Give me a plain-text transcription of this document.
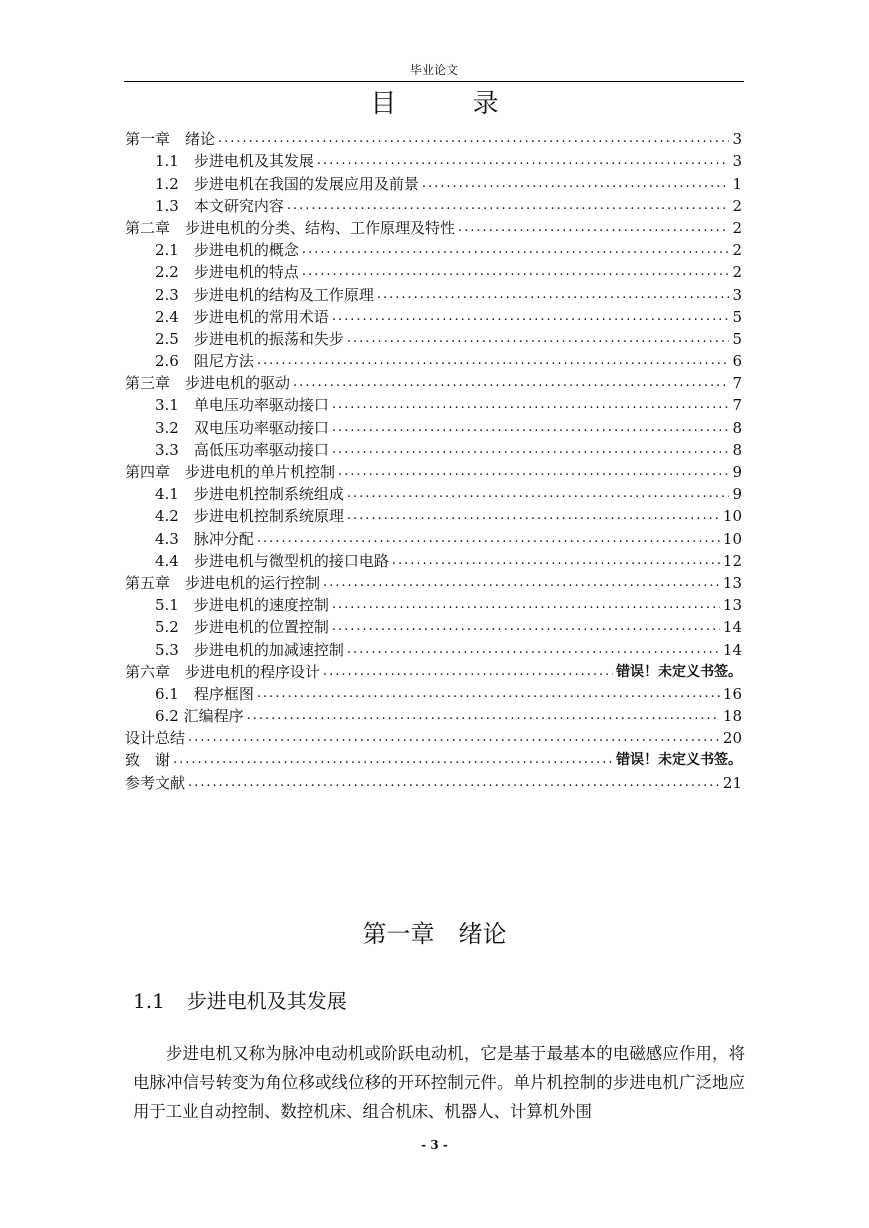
毕业论文
目 录
第一章　绪论 .....	3
1.1　步进电机及其发展 .....	3
1.2　步进电机在我国的发展应用及前景 .....	1
1.3　本文研究内容 .....	2
第二章　步进电机的分类、结构、工作原理及特性 .....	2
2.1　步进电机的概念 .....	2
2.2　步进电机的特点 .....	2
2.3　步进电机的结构及工作原理 .....	3
2.4　步进电机的常用术语 .....	5
2.5　步进电机的振荡和失步 .....	5
2.6　阻尼方法 .....	6
第三章　步进电机的驱动 .....	7
3.1　单电压功率驱动接口 .....	7
3.2　双电压功率驱动接口 .....	8
3.3　高低压功率驱动接口 .....	8
第四章　步进电机的单片机控制 .....	9
4.1　步进电机控制系统组成 .....	9
4.2　步进电机控制系统原理 .....	10
4.3　脉冲分配 .....	10
4.4　步进电机与微型机的接口电路 .....	12
第五章　步进电机的运行控制 .....	13
5.1　步进电机的速度控制 .....	13
5.2　步进电机的位置控制 .....	14
5.3　步进电机的加减速控制 .....	14
第六章　步进电机的程序设计 .....	错误！未定义书签。
6.1　程序框图 .....	16
6.2 汇编程序 .....	18
设计总结 .....	20
致　谢 .....	错误！未定义书签。
参考文献 .....	21
第一章　绪论
1.1 步进电机及其发展
步进电机又称为脉冲电动机或阶跃电动机，它是基于最基本的电磁感应作用，将电脉冲信号转变为角位移或线位移的开环控制元件。单片机控制的步进电机广泛地应用于工业自动控制、数控机床、组合机床、机器人、计算机外围
- 3 -
